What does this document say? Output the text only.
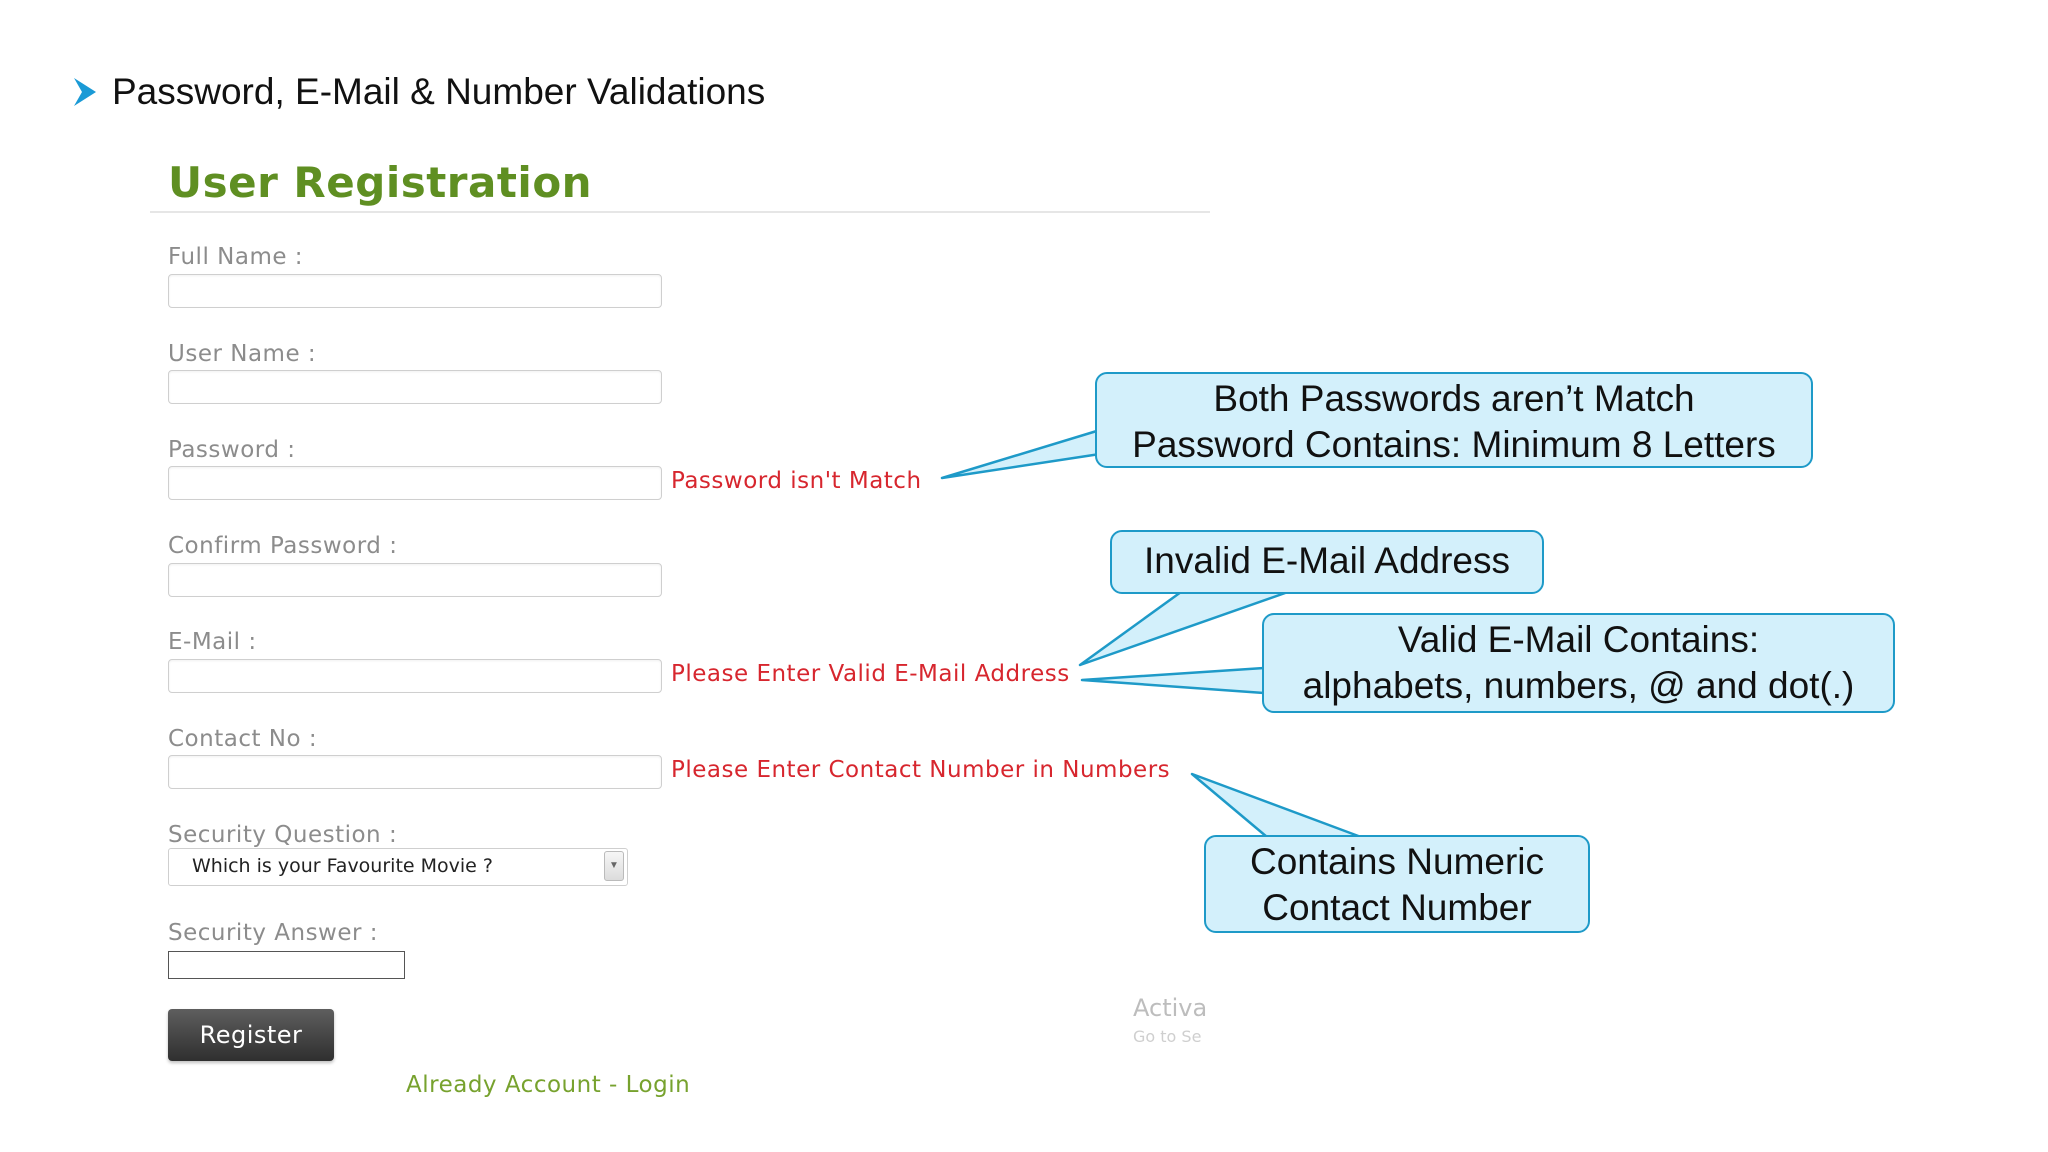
Password, E-Mail & Number Validations
User Registration
Full Name :
User Name :
Password :
Password isn't Match
Confirm Password :
E-Mail :
Please Enter Valid E-Mail Address
Contact No :
Please Enter Contact Number in Numbers
Security Question :
Which is your Favourite Movie ?	▼
Security Answer :
Register
Already Account - Login
Activa
Go to Se
Both Passwords aren’t Match
Password Contains: Minimum 8 Letters
Invalid E-Mail Address
Valid E-Mail Contains:
alphabets, numbers, @ and dot(.)
Contains Numeric
Contact Number
